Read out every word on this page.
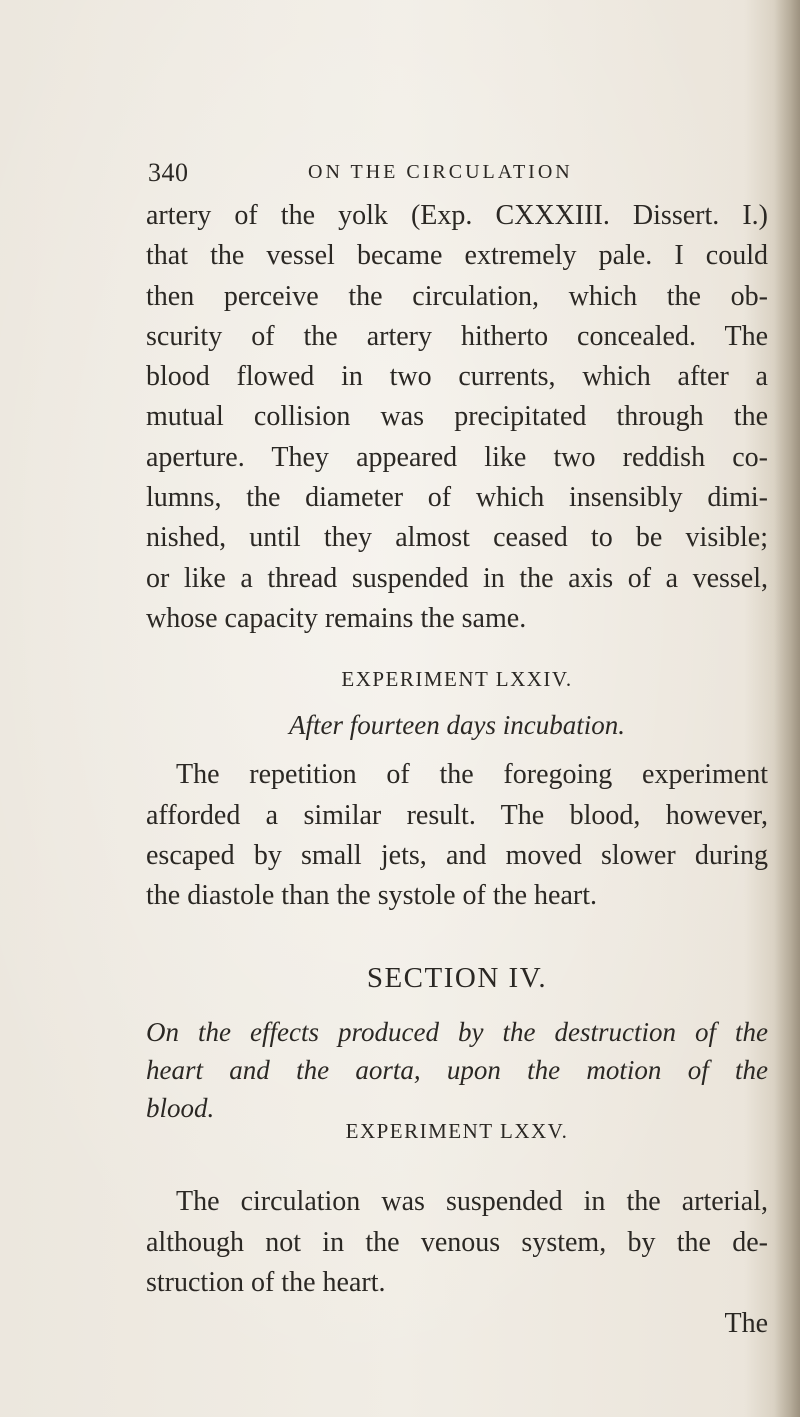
340	ON THE CIRCULATION
artery of the yolk (Exp. CXXXIII. Dissert. I.)
that the vessel became extremely pale. I could
then perceive the circulation, which the ob-
scurity of the artery hitherto concealed. The
blood flowed in two currents, which after a
mutual collision was precipitated through the
aperture. They appeared like two reddish co-
lumns, the diameter of which insensibly dimi-
nished, until they almost ceased to be visible;
or like a thread suspended in the axis of a vessel,
whose capacity remains the same.
EXPERIMENT LXXIV.
After fourteen days incubation.
The repetition of the foregoing experiment
afforded a similar result. The blood, however,
escaped by small jets, and moved slower during
the diastole than the systole of the heart.
SECTION IV.
On the effects produced by the destruction of the
heart and the aorta, upon the motion of the
blood.
EXPERIMENT LXXV.
The circulation was suspended in the arterial,
although not in the venous system, by the de-
struction of the heart.
The
